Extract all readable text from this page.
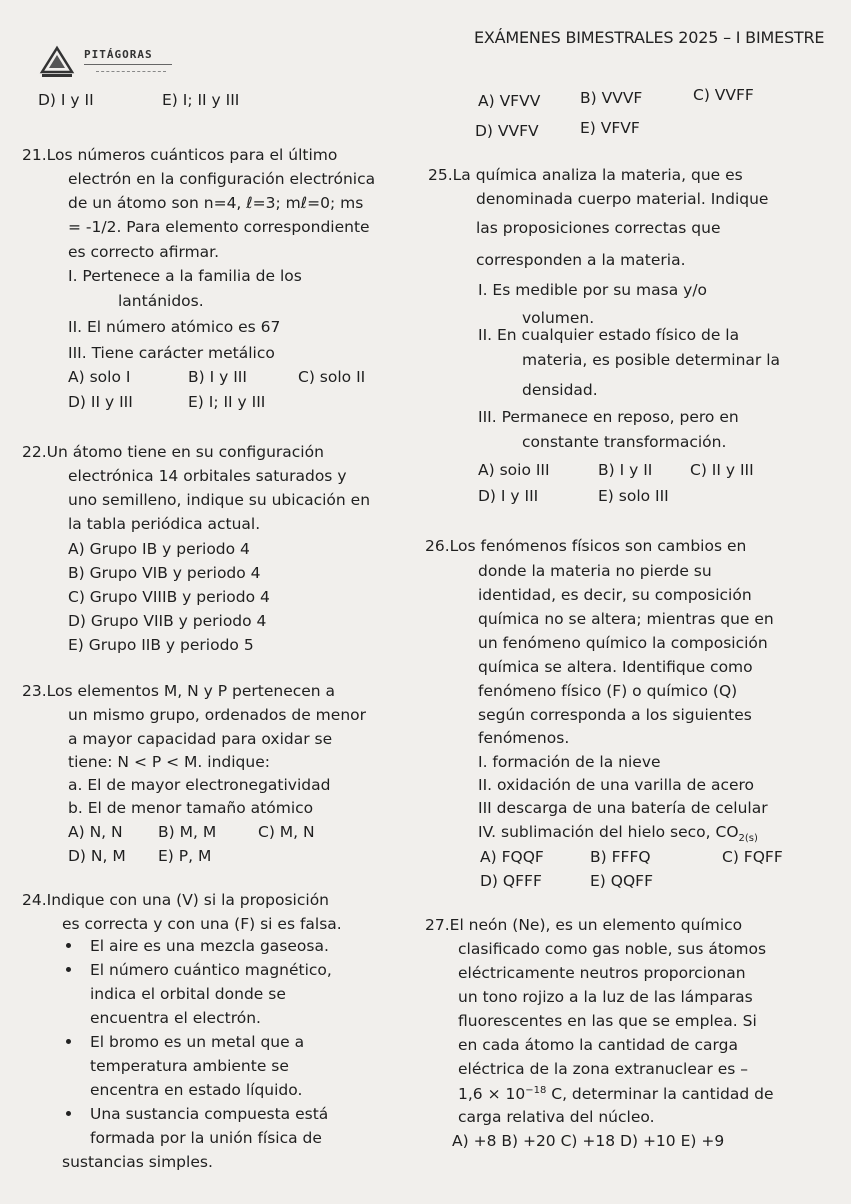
PITÁGORAS
EXÁMENES BIMESTRALES 2025 – I BIMESTRE
D) I y II	E) I; II y III
21.Los números cuánticos para el último
electrón en la configuración electrónica
de un átomo son n=4, ℓ=3; mℓ=0; ms
= -1/2. Para elemento correspondiente
es correcto afirmar.
I. Pertenece a la familia de los
lantánidos.
II. El número atómico es 67
III. Tiene carácter metálico
A) solo I	B) I y III	C) solo II
D) II y III	E) I; II y III
22.Un átomo tiene en su configuración
electrónica 14 orbitales saturados y
uno semilleno, indique su ubicación en
la tabla periódica actual.
A) Grupo IB y periodo 4
B) Grupo VIB y periodo 4
C) Grupo VIIIB y periodo 4
D) Grupo VIIB y periodo 4
E) Grupo IIB y periodo 5
23.Los elementos M, N y P pertenecen a
un mismo grupo, ordenados de menor
a mayor capacidad para oxidar se
tiene: N < P < M. indique:
a. El de mayor electronegatividad
b. El de menor tamaño atómico
A) N, N B) M, M	C) M, N
D) N, M E) P, M
24.Indique con una (V) si la proposición
es correcta y con una (F) si es falsa.
El aire es una mezcla gaseosa.
El número cuántico magnético,
indica el orbital donde se
encuentra el electrón.
El bromo es un metal que a
temperatura ambiente se
encentra en estado líquido.
Una sustancia compuesta está
formada por la unión física de
sustancias simples.
A) VFVV	B) VVVF	C) VVFF
D) VVFV	E) VFVF
25.La química analiza la materia, que es
denominada cuerpo material. Indique
las proposiciones correctas que
corresponden a la materia.
I. Es medible por su masa y/o
volumen.
II. En cualquier estado físico de la
materia, es posible determinar la
densidad.
III. Permanece en reposo, pero en
constante transformación.
A) soio III	B) I y II C) II y III
D) I y III	E) solo III
26.Los fenómenos físicos son cambios en
donde la materia no pierde su
identidad, es decir, su composición
química no se altera; mientras que en
un fenómeno químico la composición
química se altera. Identifique como
fenómeno físico (F) o químico (Q)
según corresponda a los siguientes
fenómenos.
I. formación de la nieve
II. oxidación de una varilla de acero
III descarga de una batería de celular
IV. sublimación del hielo seco, $CO_{2(s)}$
A) FQQF	B) FFFQ	C) FQFF
D) QFFF	E) QQFF
27.El neón (Ne), es un elemento químico
clasificado como gas noble, sus átomos
eléctricamente neutros proporcionan
un tono rojizo a la luz de las lámparas
fluorescentes en las que se emplea. Si
en cada átomo la cantidad de carga
eléctrica de la zona extranuclear es –
$1,6 \times 10^{-18}$ C, determinar la cantidad de
carga relativa del núcleo.
A) +8 B) +20 C) +18 D) +10 E) +9
